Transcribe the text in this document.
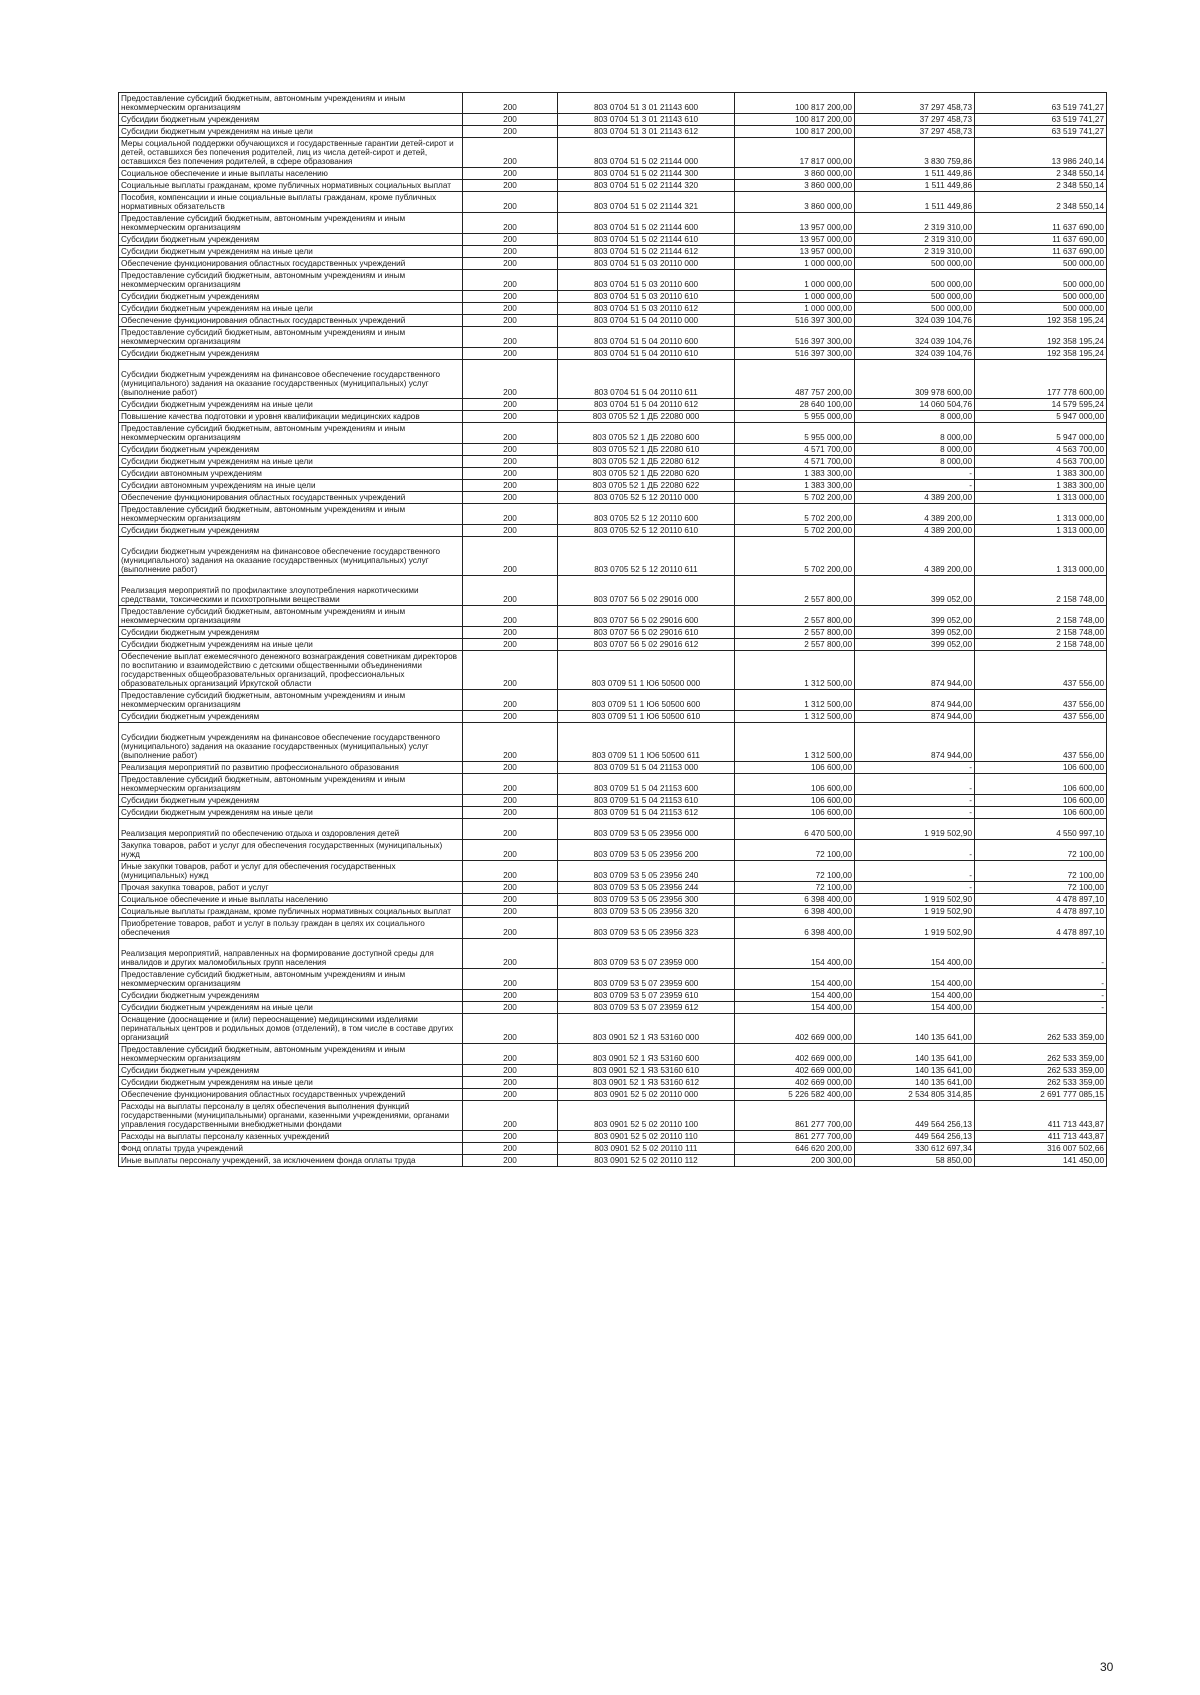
Предоставление субсидий бюджетным, автономным учреждениям и иным некоммерческим организациям	200	803 0704 51 3 01 21143 600	100 817 200,00	37 297 458,73	63 519 741,27
Субсидии бюджетным учреждениям	200	803 0704 51 3 01 21143 610	100 817 200,00	37 297 458,73	63 519 741,27
Субсидии бюджетным учреждениям на иные цели	200	803 0704 51 3 01 21143 612	100 817 200,00	37 297 458,73	63 519 741,27
Меры социальной поддержки обучающихся и государственные гарантии детей-сирот и детей, оставшихся без попечения родителей, лиц из числа детей-сирот и детей, оставшихся без попечения родителей, в сфере образования	200	803 0704 51 5 02 21144 000	17 817 000,00	3 830 759,86	13 986 240,14
Социальное обеспечение и иные выплаты населению	200	803 0704 51 5 02 21144 300	3 860 000,00	1 511 449,86	2 348 550,14
Социальные выплаты гражданам, кроме публичных нормативных социальных выплат	200	803 0704 51 5 02 21144 320	3 860 000,00	1 511 449,86	2 348 550,14
Пособия, компенсации и иные социальные выплаты гражданам, кроме публичных нормативных обязательств	200	803 0704 51 5 02 21144 321	3 860 000,00	1 511 449,86	2 348 550,14
Предоставление субсидий бюджетным, автономным учреждениям и иным некоммерческим организациям	200	803 0704 51 5 02 21144 600	13 957 000,00	2 319 310,00	11 637 690,00
Субсидии бюджетным учреждениям	200	803 0704 51 5 02 21144 610	13 957 000,00	2 319 310,00	11 637 690,00
Субсидии бюджетным учреждениям на иные цели	200	803 0704 51 5 02 21144 612	13 957 000,00	2 319 310,00	11 637 690,00
Обеспечение функционирования областных государственных учреждений	200	803 0704 51 5 03 20110 000	1 000 000,00	500 000,00	500 000,00
Предоставление субсидий бюджетным, автономным учреждениям и иным некоммерческим организациям	200	803 0704 51 5 03 20110 600	1 000 000,00	500 000,00	500 000,00
Субсидии бюджетным учреждениям	200	803 0704 51 5 03 20110 610	1 000 000,00	500 000,00	500 000,00
Субсидии бюджетным учреждениям на иные цели	200	803 0704 51 5 03 20110 612	1 000 000,00	500 000,00	500 000,00
Обеспечение функционирования областных государственных учреждений	200	803 0704 51 5 04 20110 000	516 397 300,00	324 039 104,76	192 358 195,24
Предоставление субсидий бюджетным, автономным учреждениям и иным некоммерческим организациям	200	803 0704 51 5 04 20110 600	516 397 300,00	324 039 104,76	192 358 195,24
Субсидии бюджетным учреждениям	200	803 0704 51 5 04 20110 610	516 397 300,00	324 039 104,76	192 358 195,24
Субсидии бюджетным учреждениям на финансовое обеспечение государственного (муниципального) задания на оказание государственных (муниципальных) услуг (выполнение работ)	200	803 0704 51 5 04 20110 611	487 757 200,00	309 978 600,00	177 778 600,00
Субсидии бюджетным учреждениям на иные цели	200	803 0704 51 5 04 20110 612	28 640 100,00	14 060 504,76	14 579 595,24
Повышение качества подготовки и уровня квалификации медицинских кадров	200	803 0705 52 1 ДБ 22080 000	5 955 000,00	8 000,00	5 947 000,00
Предоставление субсидий бюджетным, автономным учреждениям и иным некоммерческим организациям	200	803 0705 52 1 ДБ 22080 600	5 955 000,00	8 000,00	5 947 000,00
Субсидии бюджетным учреждениям	200	803 0705 52 1 ДБ 22080 610	4 571 700,00	8 000,00	4 563 700,00
Субсидии бюджетным учреждениям на иные цели	200	803 0705 52 1 ДБ 22080 612	4 571 700,00	8 000,00	4 563 700,00
Субсидии автономным учреждениям	200	803 0705 52 1 ДБ 22080 620	1 383 300,00	-	1 383 300,00
Субсидии автономным учреждениям на иные цели	200	803 0705 52 1 ДБ 22080 622	1 383 300,00	-	1 383 300,00
Обеспечение функционирования областных государственных учреждений	200	803 0705 52 5 12 20110 000	5 702 200,00	4 389 200,00	1 313 000,00
Предоставление субсидий бюджетным, автономным учреждениям и иным некоммерческим организациям	200	803 0705 52 5 12 20110 600	5 702 200,00	4 389 200,00	1 313 000,00
Субсидии бюджетным учреждениям	200	803 0705 52 5 12 20110 610	5 702 200,00	4 389 200,00	1 313 000,00
Субсидии бюджетным учреждениям на финансовое обеспечение государственного (муниципального) задания на оказание государственных (муниципальных) услуг (выполнение работ)	200	803 0705 52 5 12 20110 611	5 702 200,00	4 389 200,00	1 313 000,00
Реализация мероприятий по профилактике злоупотребления наркотическими средствами, токсическими и психотропными веществами	200	803 0707 56 5 02 29016 000	2 557 800,00	399 052,00	2 158 748,00
Предоставление субсидий бюджетным, автономным учреждениям и иным некоммерческим организациям	200	803 0707 56 5 02 29016 600	2 557 800,00	399 052,00	2 158 748,00
Субсидии бюджетным учреждениям	200	803 0707 56 5 02 29016 610	2 557 800,00	399 052,00	2 158 748,00
Субсидии бюджетным учреждениям на иные цели	200	803 0707 56 5 02 29016 612	2 557 800,00	399 052,00	2 158 748,00
Обеспечение выплат ежемесячного денежного вознаграждения советникам директоров по воспитанию и взаимодействию с детскими общественными объединениями государственных общеобразовательных организаций, профессиональных образовательных организаций Иркутской области	200	803 0709 51 1 Ю6 50500 000	1 312 500,00	874 944,00	437 556,00
Предоставление субсидий бюджетным, автономным учреждениям и иным некоммерческим организациям	200	803 0709 51 1 Ю6 50500 600	1 312 500,00	874 944,00	437 556,00
Субсидии бюджетным учреждениям	200	803 0709 51 1 Ю6 50500 610	1 312 500,00	874 944,00	437 556,00
Субсидии бюджетным учреждениям на финансовое обеспечение государственного (муниципального) задания на оказание государственных (муниципальных) услуг (выполнение работ)	200	803 0709 51 1 Ю6 50500 611	1 312 500,00	874 944,00	437 556,00
Реализация мероприятий по развитию профессионального образования	200	803 0709 51 5 04 21153 000	106 600,00	-	106 600,00
Предоставление субсидий бюджетным, автономным учреждениям и иным некоммерческим организациям	200	803 0709 51 5 04 21153 600	106 600,00	-	106 600,00
Субсидии бюджетным учреждениям	200	803 0709 51 5 04 21153 610	106 600,00	-	106 600,00
Субсидии бюджетным учреждениям на иные цели	200	803 0709 51 5 04 21153 612	106 600,00	-	106 600,00
Реализация мероприятий по обеспечению отдыха и оздоровления детей	200	803 0709 53 5 05 23956 000	6 470 500,00	1 919 502,90	4 550 997,10
Закупка товаров, работ и услуг для обеспечения государственных (муниципальных) нужд	200	803 0709 53 5 05 23956 200	72 100,00	-	72 100,00
Иные закупки товаров, работ и услуг для обеспечения государственных (муниципальных) нужд	200	803 0709 53 5 05 23956 240	72 100,00	-	72 100,00
Прочая закупка товаров, работ и услуг	200	803 0709 53 5 05 23956 244	72 100,00	-	72 100,00
Социальное обеспечение и иные выплаты населению	200	803 0709 53 5 05 23956 300	6 398 400,00	1 919 502,90	4 478 897,10
Социальные выплаты гражданам, кроме публичных нормативных социальных выплат	200	803 0709 53 5 05 23956 320	6 398 400,00	1 919 502,90	4 478 897,10
Приобретение товаров, работ и услуг в пользу граждан в целях их социального обеспечения	200	803 0709 53 5 05 23956 323	6 398 400,00	1 919 502,90	4 478 897,10
Реализация мероприятий, направленных на формирование доступной среды для инвалидов и других маломобильных групп населения	200	803 0709 53 5 07 23959 000	154 400,00	154 400,00	-
Предоставление субсидий бюджетным, автономным учреждениям и иным некоммерческим организациям	200	803 0709 53 5 07 23959 600	154 400,00	154 400,00	-
Субсидии бюджетным учреждениям	200	803 0709 53 5 07 23959 610	154 400,00	154 400,00	-
Субсидии бюджетным учреждениям на иные цели	200	803 0709 53 5 07 23959 612	154 400,00	154 400,00	-
Оснащение (дооснащение и (или) переоснащение) медицинскими изделиями перинатальных центров и родильных домов (отделений), в том числе в составе других организаций	200	803 0901 52 1 Я3 53160 000	402 669 000,00	140 135 641,00	262 533 359,00
Предоставление субсидий бюджетным, автономным учреждениям и иным некоммерческим организациям	200	803 0901 52 1 Я3 53160 600	402 669 000,00	140 135 641,00	262 533 359,00
Субсидии бюджетным учреждениям	200	803 0901 52 1 Я3 53160 610	402 669 000,00	140 135 641,00	262 533 359,00
Субсидии бюджетным учреждениям на иные цели	200	803 0901 52 1 Я3 53160 612	402 669 000,00	140 135 641,00	262 533 359,00
Обеспечение функционирования областных государственных учреждений	200	803 0901 52 5 02 20110 000	5 226 582 400,00	2 534 805 314,85	2 691 777 085,15
Расходы на выплаты персоналу в целях обеспечения выполнения функций государственными (муниципальными) органами, казенными учреждениями, органами управления государственными внебюджетными фондами	200	803 0901 52 5 02 20110 100	861 277 700,00	449 564 256,13	411 713 443,87
Расходы на выплаты персоналу казенных учреждений	200	803 0901 52 5 02 20110 110	861 277 700,00	449 564 256,13	411 713 443,87
Фонд оплаты труда учреждений	200	803 0901 52 5 02 20110 111	646 620 200,00	330 612 697,34	316 007 502,66
Иные выплаты персоналу учреждений, за исключением фонда оплаты труда	200	803 0901 52 5 02 20110 112	200 300,00	58 850,00	141 450,00
30
